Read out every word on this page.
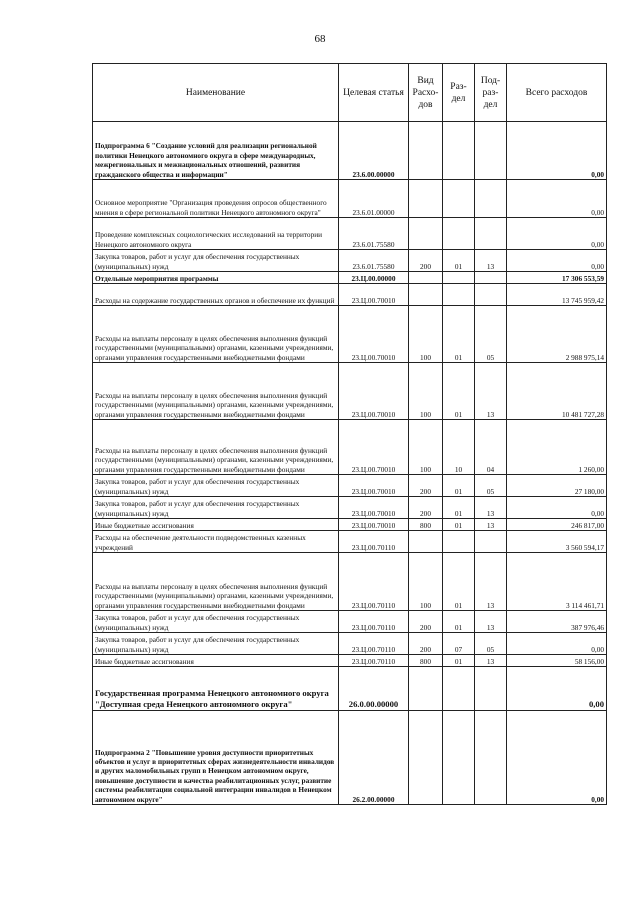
68
Наименование	Целевая статья	Вид Расхо-дов	Раз-дел	Под-раз-дел	Всего расходов
Подпрограмма 6 "Создание условий для реализации региональной политики Ненецкого автономного округа в сфере международных, межрегиональных и межнациональных отношений, развития гражданского общества и информации"	23.6.00.00000				0,00
Основное мероприятие "Организация проведения опросов общественного мнения в сфере региональной политики Ненецкого автономного округа"	23.6.01.00000				0,00
Проведение комплексных социологических исследований на территории Ненецкого автономного округа	23.6.01.75580				0,00
Закупка товаров, работ и услуг для обеспечения государственных (муниципальных) нужд	23.6.01.75580	200	01	13	0,00
Отдельные мероприятия программы	23.Ц.00.00000				17 306 553,59
Расходы на содержание государственных органов и обеспечение их функций	23.Ц.00.70010				13 745 959,42
Расходы на выплаты персоналу в целях обеспечения выполнения функций государственными (муниципальными) органами, казенными учреждениями, органами управления государственными внебюджетными фондами	23.Ц.00.70010	100	01	05	2 988 975,14
Расходы на выплаты персоналу в целях обеспечения выполнения функций государственными (муниципальными) органами, казенными учреждениями, органами управления государственными внебюджетными фондами	23.Ц.00.70010	100	01	13	10 481 727,28
Расходы на выплаты персоналу в целях обеспечения выполнения функций государственными (муниципальными) органами, казенными учреждениями, органами управления государственными внебюджетными фондами	23.Ц.00.70010	100	10	04	1 260,00
Закупка товаров, работ и услуг для обеспечения государственных (муниципальных) нужд	23.Ц.00.70010	200	01	05	27 180,00
Закупка товаров, работ и услуг для обеспечения государственных (муниципальных) нужд	23.Ц.00.70010	200	01	13	0,00
Иные бюджетные ассигнования	23.Ц.00.70010	800	01	13	246 817,00
Расходы на обеспечение деятельности подведомственных казенных учреждений	23.Ц.00.70110				3 560 594,17
Расходы на выплаты персоналу в целях обеспечения выполнения функций государственными (муниципальными) органами, казенными учреждениями, органами управления государственными внебюджетными фондами	23.Ц.00.70110	100	01	13	3 114 461,71
Закупка товаров, работ и услуг для обеспечения государственных (муниципальных) нужд	23.Ц.00.70110	200	01	13	387 976,46
Закупка товаров, работ и услуг для обеспечения государственных (муниципальных) нужд	23.Ц.00.70110	200	07	05	0,00
Иные бюджетные ассигнования	23.Ц.00.70110	800	01	13	58 156,00
Государственная программа Ненецкого автономного округа "Доступная среда Ненецкого автономного округа"	26.0.00.00000				0,00
Подпрограмма 2 "Повышение уровня доступности приоритетных объектов и услуг в приоритетных сферах жизнедеятельности инвалидов и других маломобильных групп в Ненецком автономном округе, повышение доступности и качества реабилитационных услуг, развитие системы реабилитации социальной интеграции инвалидов в Ненецком автономном округе"	26.2.00.00000				0,00
